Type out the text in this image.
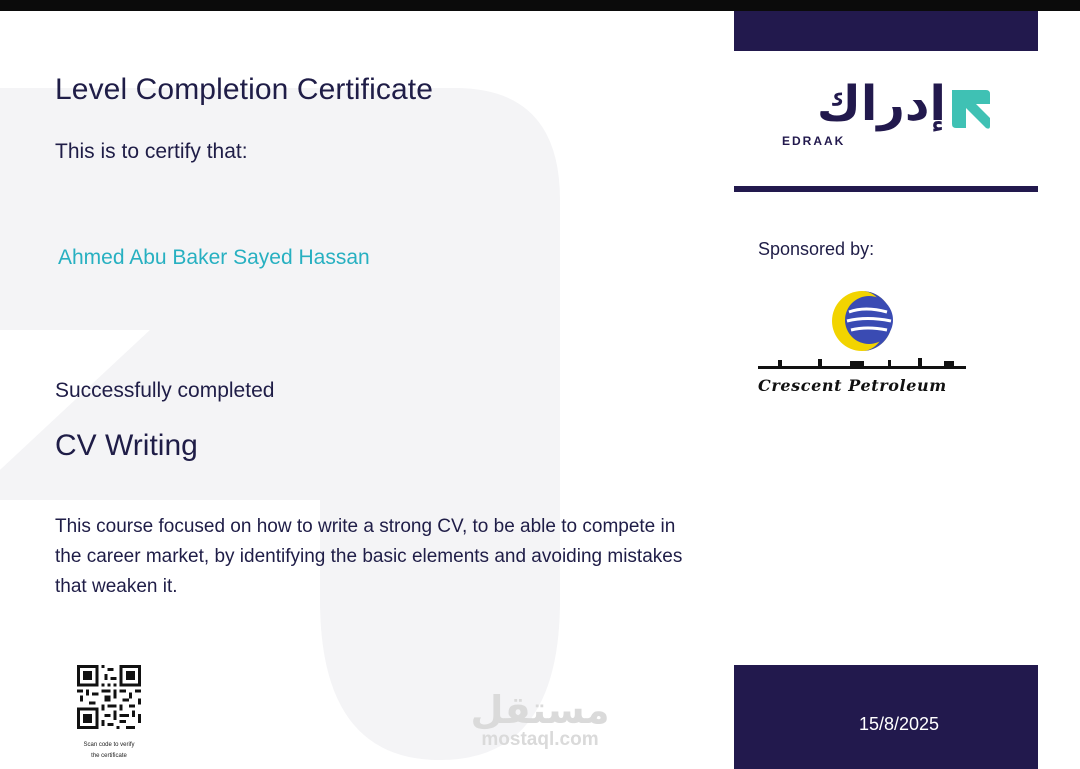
Level Completion Certificate
This is to certify that:
Ahmed Abu Baker Sayed Hassan
Successfully completed
CV Writing
This course focused on how to write a strong CV, to be able to compete in the career market, by identifying the basic elements and avoiding mistakes that weaken it.
Scan code to verify the certificate
مستقل
mostaql.com
إدراك
EDRAAK
Sponsored by:
Crescent Petroleum
15/8/2025
